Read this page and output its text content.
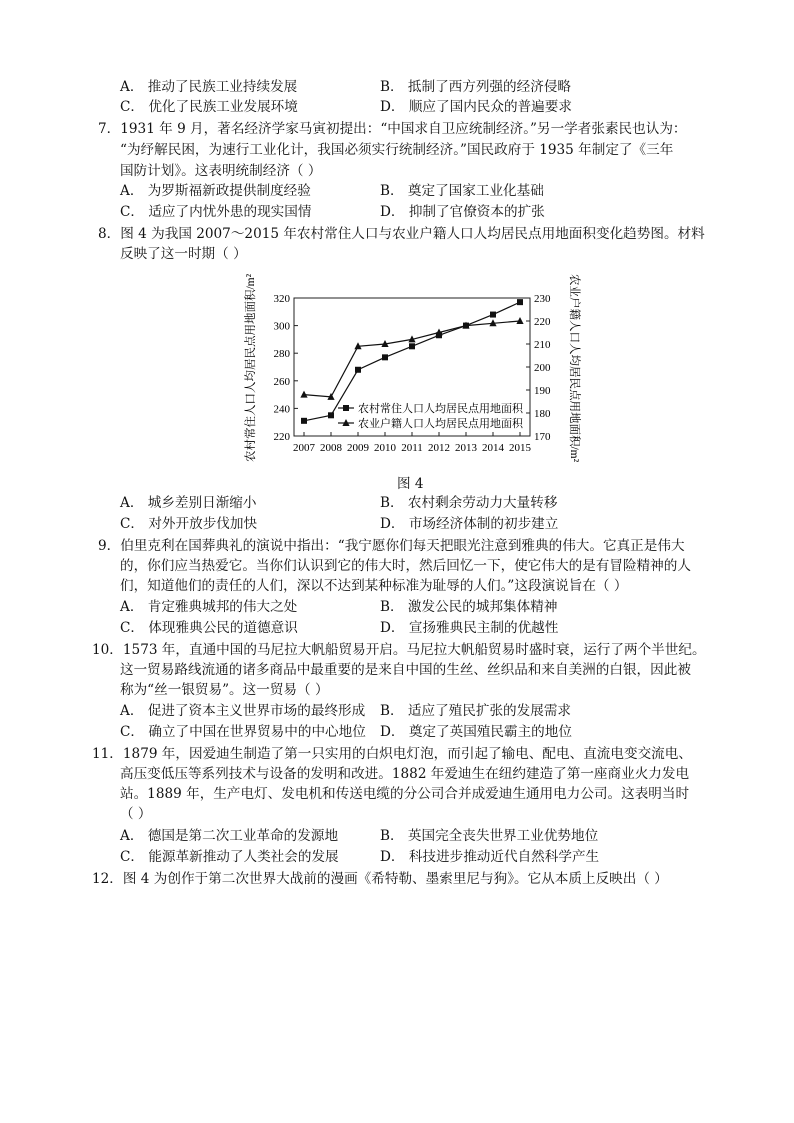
A． 推动了民族工业持续发展	B． 抵制了西方列强的经济侵略
C． 优化了民族工业发展环境	D． 顺应了国内民众的普遍要求
7．1931 年 9 月，著名经济学家马寅初提出：“中国求自卫应统制经济。”另一学者张素民也认为：
“为纾解民困，为速行工业化计，我国必须实行统制经济。”国民政府于 1935 年制定了《三年
国防计划》。这表明统制经济（ ）
A． 为罗斯福新政提供制度经验	B． 奠定了国家工业化基础
C． 适应了内忧外患的现实国情	D． 抑制了官僚资本的扩张
8．图 4 为我国 2007～2015 年农村常住人口与农业户籍人口人均居民点用地面积变化趋势图。材料
反映了这一时期（ ）
农村常住人口人均居民点用地面积/m²	农业户籍人口人均居民点用地面积/m²
220
240
260
280
300
320
170
180
190
200
210
220
230
2007 2008 2009 2010 2011 2012 2013 2014 2015
农村常住人口人均居民点用地面积
农业户籍人口人均居民点用地面积
图 4
A． 城乡差别日渐缩小	B． 农村剩余劳动力大量转移
C． 对外开放步伐加快	D． 市场经济体制的初步建立
9．伯里克利在国葬典礼的演说中指出：“我宁愿你们每天把眼光注意到雅典的伟大。它真正是伟大
的，你们应当热爱它。当你们认识到它的伟大时，然后回忆一下，使它伟大的是有冒险精神的人
们，知道他们的责任的人们，深以不达到某种标准为耻辱的人们。”这段演说旨在（ ）
A． 肯定雅典城邦的伟大之处	B． 激发公民的城邦集体精神
C． 体现雅典公民的道德意识	D． 宣扬雅典民主制的优越性
10．1573 年，直通中国的马尼拉大帆船贸易开启。马尼拉大帆船贸易时盛时衰，运行了两个半世纪。
这一贸易路线流通的诸多商品中最重要的是来自中国的生丝、丝织品和来自美洲的白银，因此被
称为“丝一银贸易”。这一贸易（ ）
A． 促进了资本主义世界市场的最终形成 B． 适应了殖民扩张的发展需求
C． 确立了中国在世界贸易中的中心地位 D． 奠定了英国殖民霸主的地位
11．1879 年，因爱迪生制造了第一只实用的白炽电灯泡，而引起了输电、配电、直流电变交流电、
高压变低压等系列技术与设备的发明和改进。1882 年爱迪生在纽约建造了第一座商业火力发电
站。1889 年，生产电灯、发电机和传送电缆的分公司合并成爱迪生通用电力公司。这表明当时
（ ）
A． 德国是第二次工业革命的发源地	B． 英国完全丧失世界工业优势地位
C． 能源革新推动了人类社会的发展	D． 科技进步推动近代自然科学产生
12．图 4 为创作于第二次世界大战前的漫画《希特勒、墨索里尼与狗》。它从本质上反映出（ ）
